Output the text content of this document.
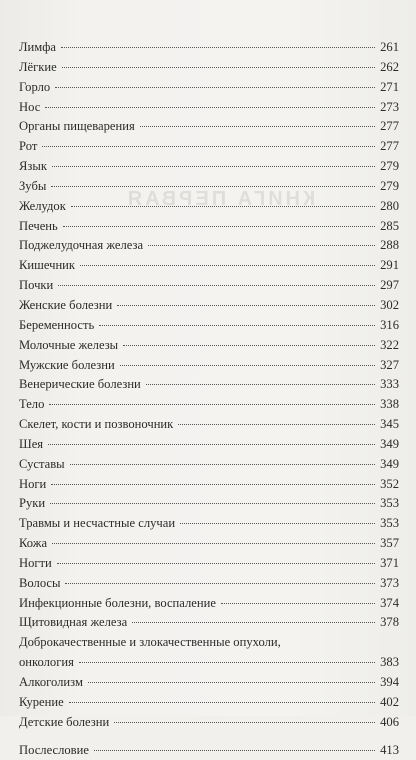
КНИГА ПЕРВАЯ
Лимфа	261
Лёгкие	262
Горло	271
Нос	273
Органы пищеварения	277
Рот	277
Язык	279
Зубы	279
Желудок	280
Печень	285
Поджелудочная железа	288
Кишечник	291
Почки	297
Женские болезни	302
Беременность	316
Молочные железы	322
Мужские болезни	327
Венерические болезни	333
Тело	338
Скелет, кости и позвоночник	345
Шея	349
Суставы	349
Ноги	352
Руки	353
Травмы и несчастные случаи	353
Кожа	357
Ногти	371
Волосы	373
Инфекционные болезни, воспаление	374
Щитовидная железа	378
Доброкачественные и злокачественные опухоли,
онкология	383
Алкоголизм	394
Курение	402
Детские болезни	406
Послесловие	413
